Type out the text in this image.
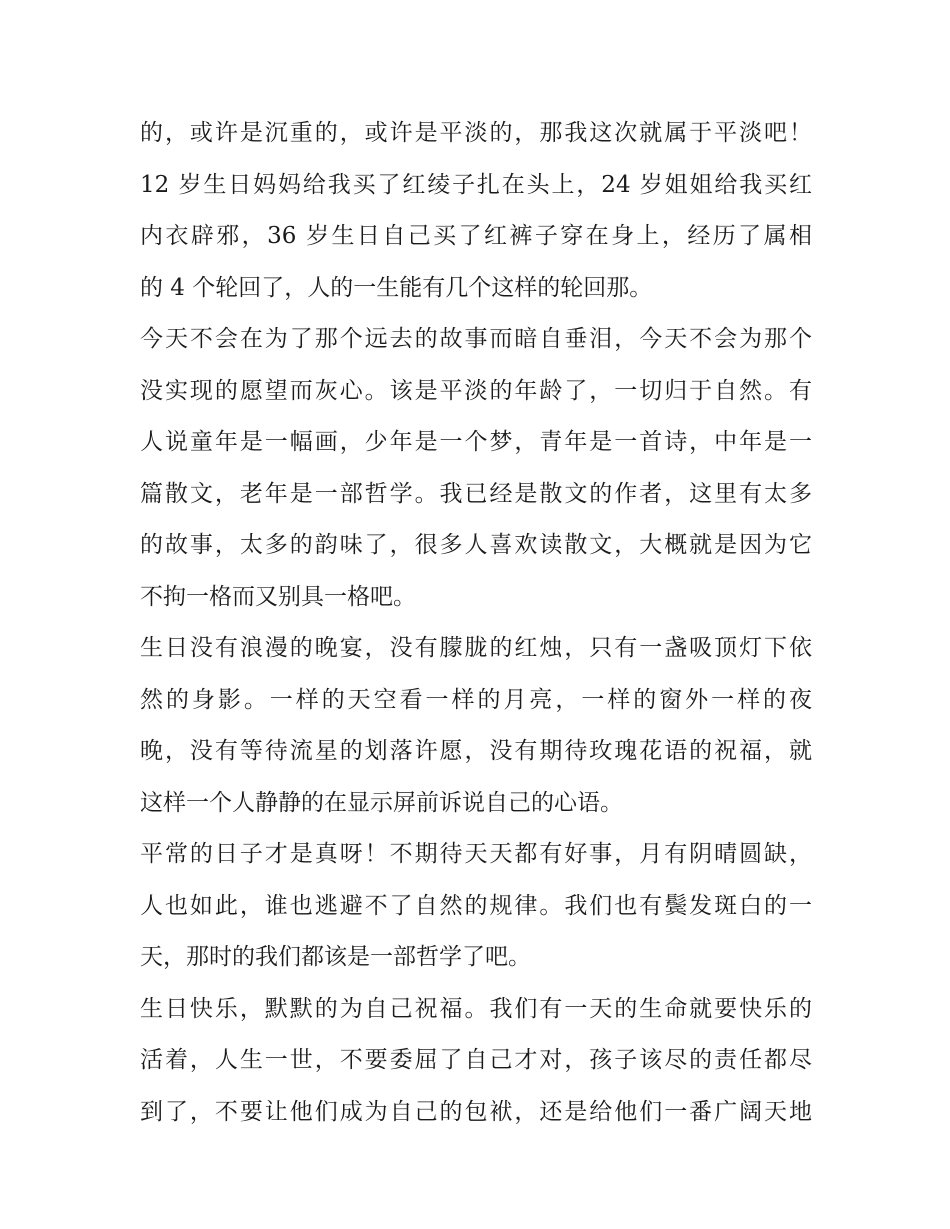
的，或许是沉重的，或许是平淡的，那我这次就属于平淡吧！
12 岁生日妈妈给我买了红绫子扎在头上，24 岁姐姐给我买红
内衣辟邪，36 岁生日自己买了红裤子穿在身上，经历了属相
的 4 个轮回了，人的一生能有几个这样的轮回那。
今天不会在为了那个远去的故事而暗自垂泪，今天不会为那个
没实现的愿望而灰心。该是平淡的年龄了，一切归于自然。有
人说童年是一幅画，少年是一个梦，青年是一首诗，中年是一
篇散文，老年是一部哲学。我已经是散文的作者，这里有太多
的故事，太多的韵味了，很多人喜欢读散文，大概就是因为它
不拘一格而又别具一格吧。
生日没有浪漫的晚宴，没有朦胧的红烛，只有一盏吸顶灯下依
然的身影。一样的天空看一样的月亮，一样的窗外一样的夜
晚，没有等待流星的划落许愿，没有期待玫瑰花语的祝福，就
这样一个人静静的在显示屏前诉说自己的心语。
平常的日子才是真呀！不期待天天都有好事，月有阴晴圆缺，
人也如此，谁也逃避不了自然的规律。我们也有鬓发斑白的一
天，那时的我们都该是一部哲学了吧。
生日快乐，默默的为自己祝福。我们有一天的生命就要快乐的
活着，人生一世，不要委屈了自己才对，孩子该尽的责任都尽
到了，不要让他们成为自己的包袱，还是给他们一番广阔天地
